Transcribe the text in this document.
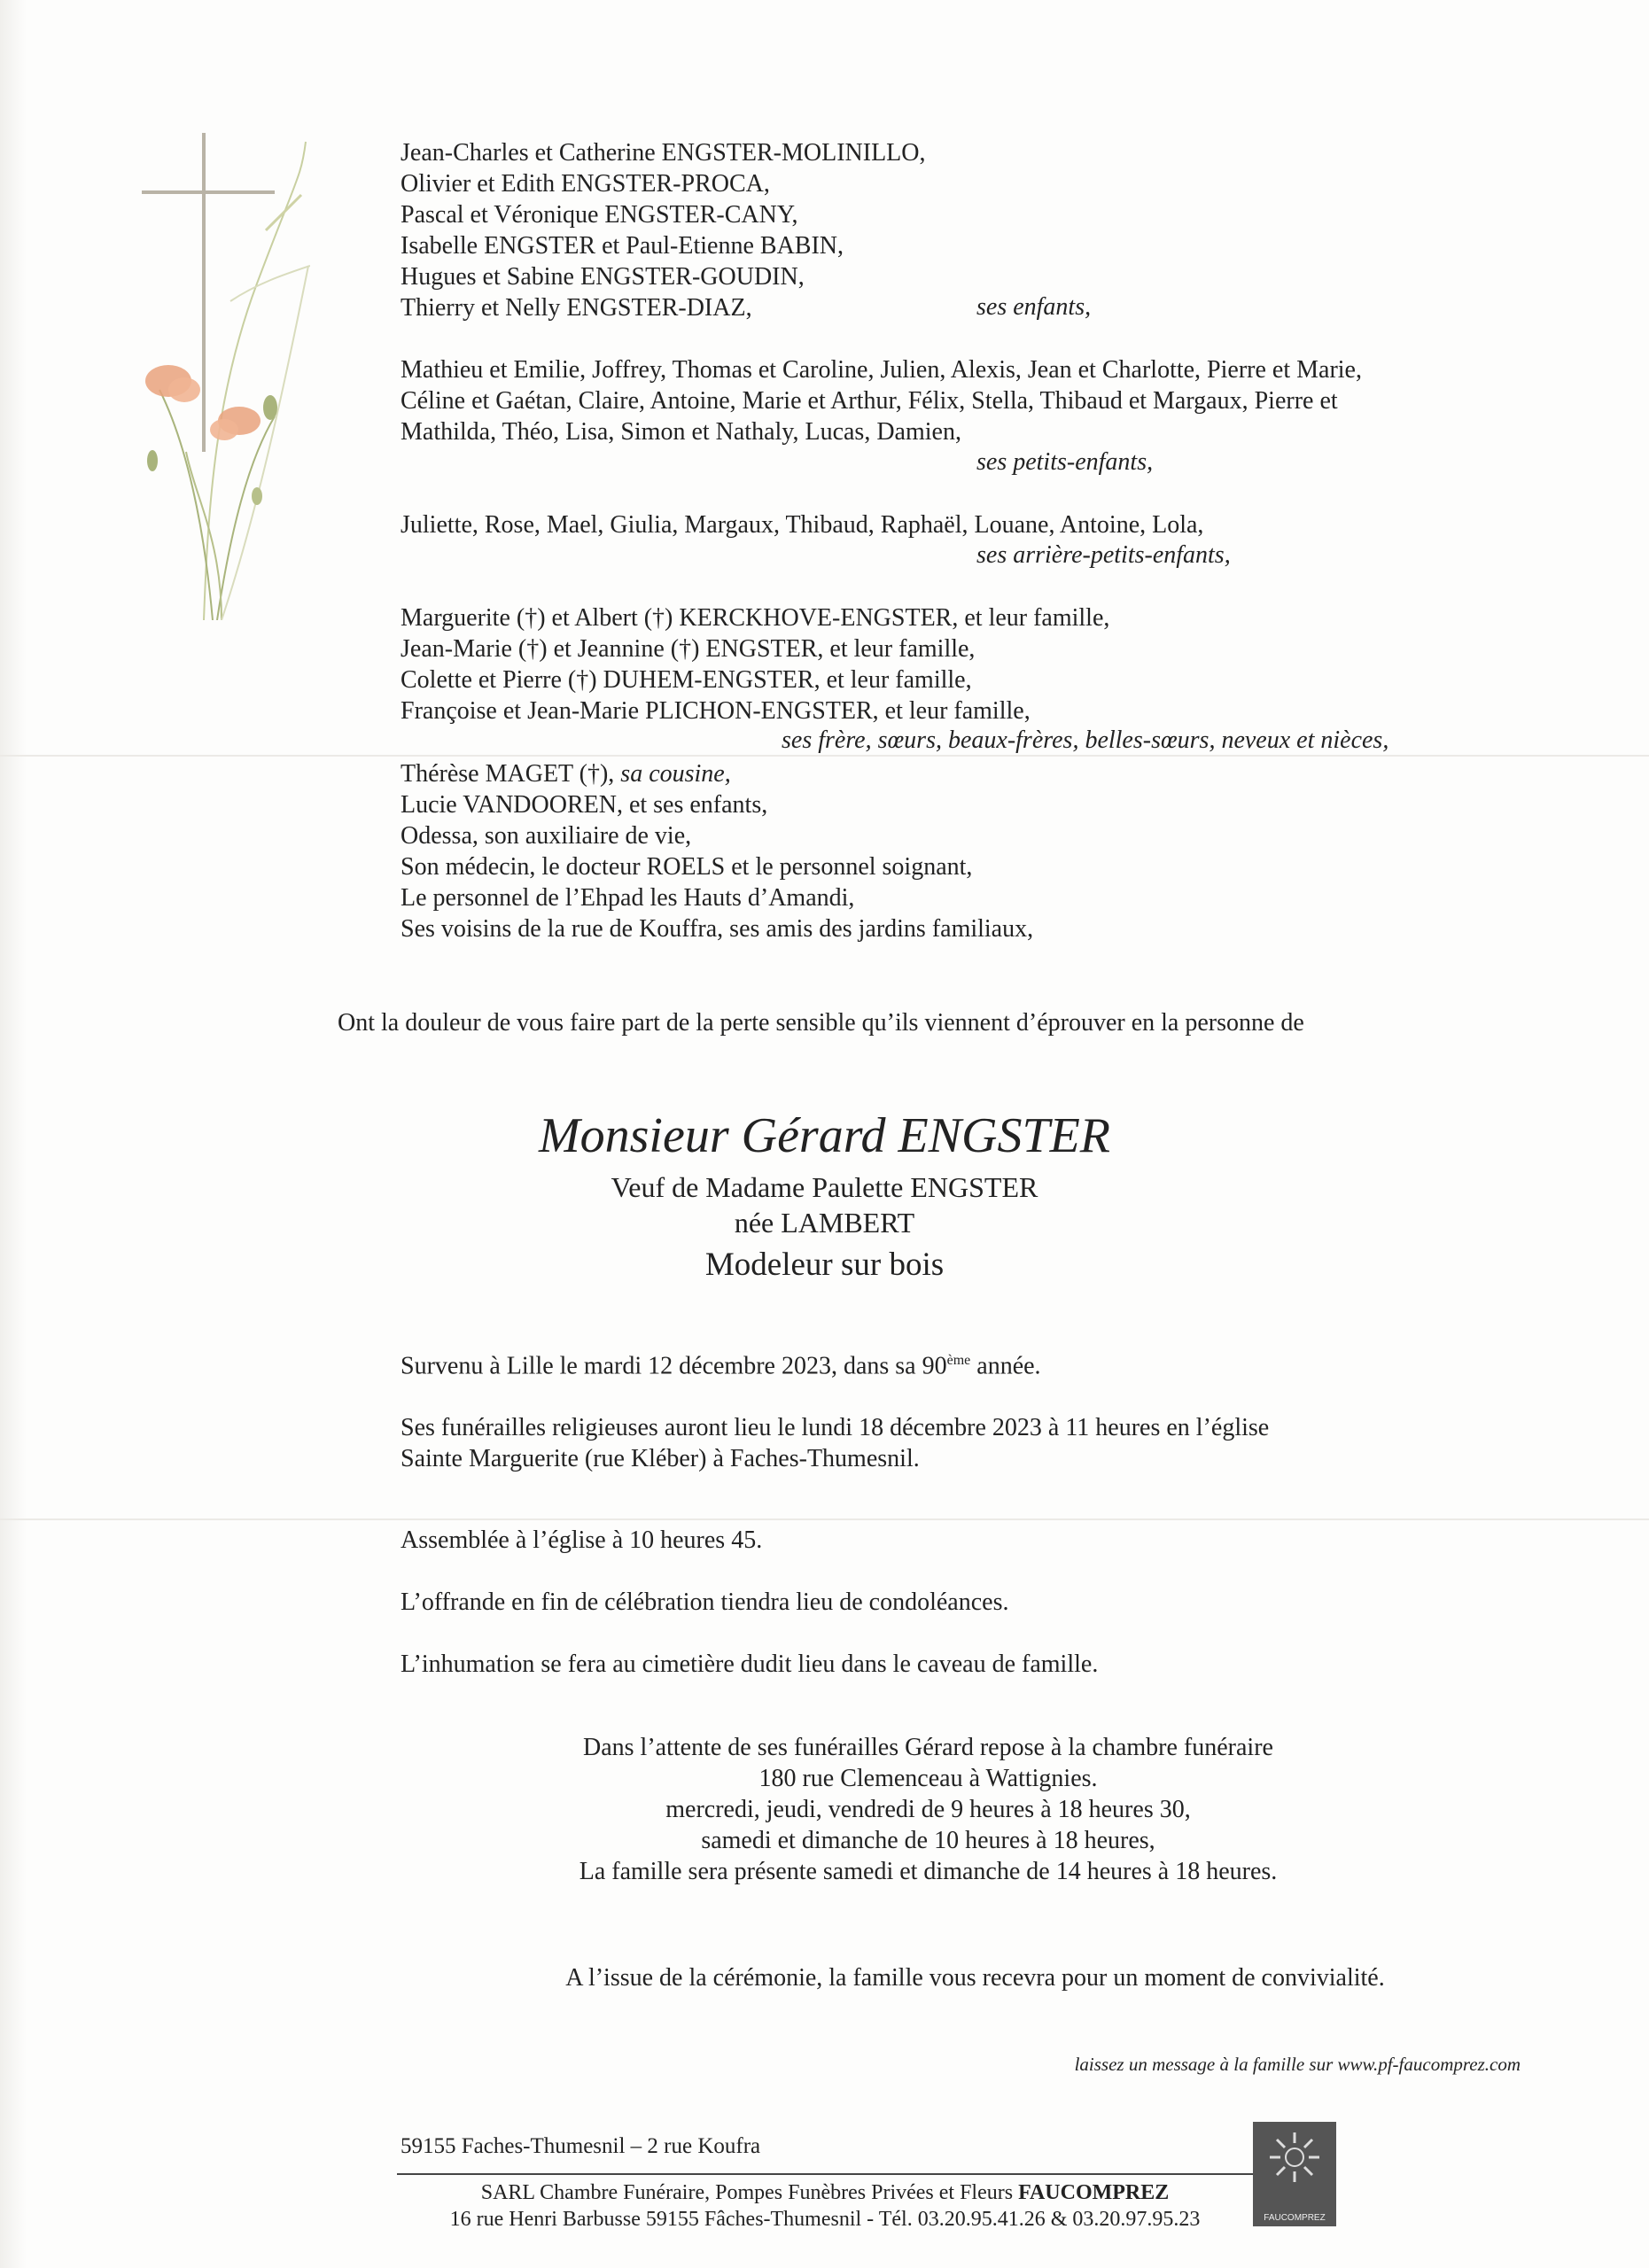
Jean-Charles et Catherine ENGSTER-MOLINILLO,
Olivier et Edith ENGSTER-PROCA,
Pascal et Véronique ENGSTER-CANY,
Isabelle ENGSTER et Paul-Etienne BABIN,
Hugues et Sabine ENGSTER-GOUDIN,
Thierry et Nelly ENGSTER-DIAZ,	ses enfants,
Mathieu et Emilie, Joffrey, Thomas et Caroline, Julien, Alexis, Jean et Charlotte, Pierre et Marie,
Céline et Gaétan, Claire, Antoine, Marie et Arthur, Félix, Stella, Thibaud et Margaux, Pierre et
Mathilda, Théo, Lisa, Simon et Nathaly, Lucas, Damien,
ses petits-enfants,
Juliette, Rose, Mael, Giulia, Margaux, Thibaud, Raphaël, Louane, Antoine, Lola,
ses arrière-petits-enfants,
Marguerite (†) et Albert (†) KERCKHOVE-ENGSTER, et leur famille,
Jean-Marie (†) et Jeannine (†) ENGSTER, et leur famille,
Colette et Pierre (†) DUHEM-ENGSTER, et leur famille,
Françoise et Jean-Marie PLICHON-ENGSTER, et leur famille,
ses frère, sœurs, beaux-frères, belles-sœurs, neveux et nièces,
Thérèse MAGET (†), sa cousine,
Lucie VANDOOREN, et ses enfants,
Odessa, son auxiliaire de vie,
Son médecin, le docteur ROELS et le personnel soignant,
Le personnel de l’Ehpad les Hauts d’Amandi,
Ses voisins de la rue de Kouffra, ses amis des jardins familiaux,
Ont la douleur de vous faire part de la perte sensible qu’ils viennent d’éprouver en la personne de
Monsieur Gérard ENGSTER
Veuf de Madame Paulette ENGSTER
née LAMBERT
Modeleur sur bois
Survenu à Lille le mardi 12 décembre 2023, dans sa 90ème année.
Ses funérailles religieuses auront lieu le lundi 18 décembre 2023 à 11 heures en l’église
Sainte Marguerite (rue Kléber) à Faches-Thumesnil.
Assemblée à l’église à 10 heures 45.
L’offrande en fin de célébration tiendra lieu de condoléances.
L’inhumation se fera au cimetière dudit lieu dans le caveau de famille.
Dans l’attente de ses funérailles Gérard repose à la chambre funéraire
180 rue Clemenceau à Wattignies.
mercredi, jeudi, vendredi de 9 heures à 18 heures 30,
samedi et dimanche de 10 heures à 18 heures,
La famille sera présente samedi et dimanche de 14 heures à 18 heures.
A l’issue de la cérémonie, la famille vous recevra pour un moment de convivialité.
laissez un message à la famille sur www.pf-faucomprez.com
59155 Faches-Thumesnil – 2 rue Koufra
SARL Chambre Funéraire, Pompes Funèbres Privées et Fleurs FAUCOMPREZ
16 rue Henri Barbusse 59155 Fâches-Thumesnil - Tél. 03.20.95.41.26 & 03.20.97.95.23	FAUCOMPREZ
